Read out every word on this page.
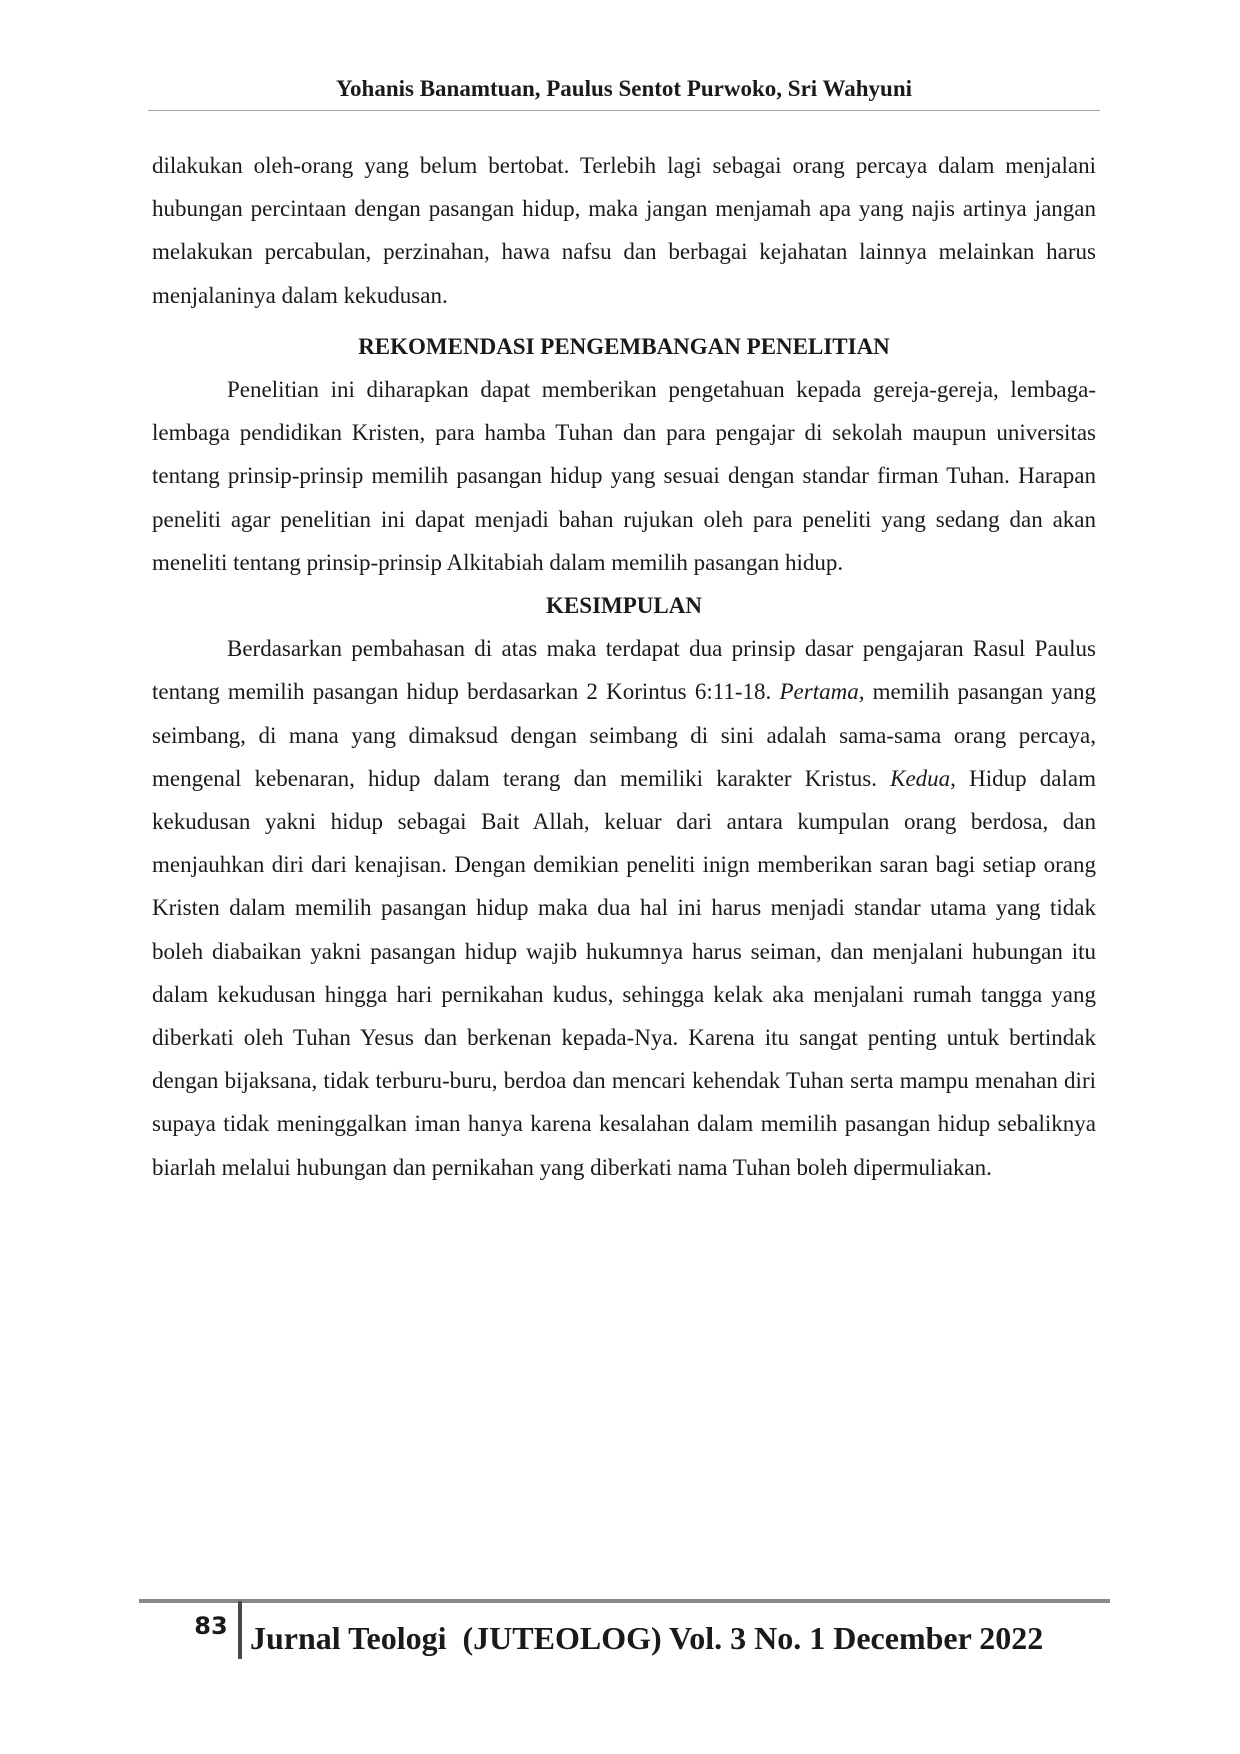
Yohanis Banamtuan, Paulus Sentot Purwoko, Sri Wahyuni

dilakukan oleh-orang yang belum bertobat. Terlebih lagi sebagai orang percaya dalam menjalani hubungan percintaan dengan pasangan hidup, maka jangan menjamah apa yang najis artinya jangan melakukan percabulan, perzinahan, hawa nafsu dan berbagai kejahatan lainnya melainkan harus menjalaninya dalam kekudusan.

REKOMENDASI PENGEMBANGAN PENELITIAN

Penelitian ini diharapkan dapat memberikan pengetahuan kepada gereja-gereja, lembaga-lembaga pendidikan Kristen, para hamba Tuhan dan para pengajar di sekolah maupun universitas tentang prinsip-prinsip memilih pasangan hidup yang sesuai dengan standar firman Tuhan. Harapan peneliti agar penelitian ini dapat menjadi bahan rujukan oleh para peneliti yang sedang dan akan meneliti tentang prinsip-prinsip Alkitabiah dalam memilih pasangan hidup.

KESIMPULAN

Berdasarkan pembahasan di atas maka terdapat dua prinsip dasar pengajaran Rasul Paulus tentang memilih pasangan hidup berdasarkan 2 Korintus 6:11-18. Pertama, memilih pasangan yang seimbang, di mana yang dimaksud dengan seimbang di sini adalah sama-sama orang percaya, mengenal kebenaran, hidup dalam terang dan memiliki karakter Kristus. Kedua, Hidup dalam kekudusan yakni hidup sebagai Bait Allah, keluar dari antara kumpulan orang berdosa, dan menjauhkan diri dari kenajisan. Dengan demikian peneliti inign memberikan saran bagi setiap orang Kristen dalam memilih pasangan hidup maka dua hal ini harus menjadi standar utama yang tidak boleh diabaikan yakni pasangan hidup wajib hukumnya harus seiman, dan menjalani hubungan itu dalam kekudusan hingga hari pernikahan kudus, sehingga kelak aka menjalani rumah tangga yang diberkati oleh Tuhan Yesus dan berkenan kepada-Nya. Karena itu sangat penting untuk bertindak dengan bijaksana, tidak terburu-buru, berdoa dan mencari kehendak Tuhan serta mampu menahan diri supaya tidak meninggalkan iman hanya karena kesalahan dalam memilih pasangan hidup sebaliknya biarlah melalui hubungan dan pernikahan yang diberkati nama Tuhan boleh dipermuliakan.

83 Jurnal Teologi  (JUTEOLOG) Vol. 3 No. 1 December 2022
